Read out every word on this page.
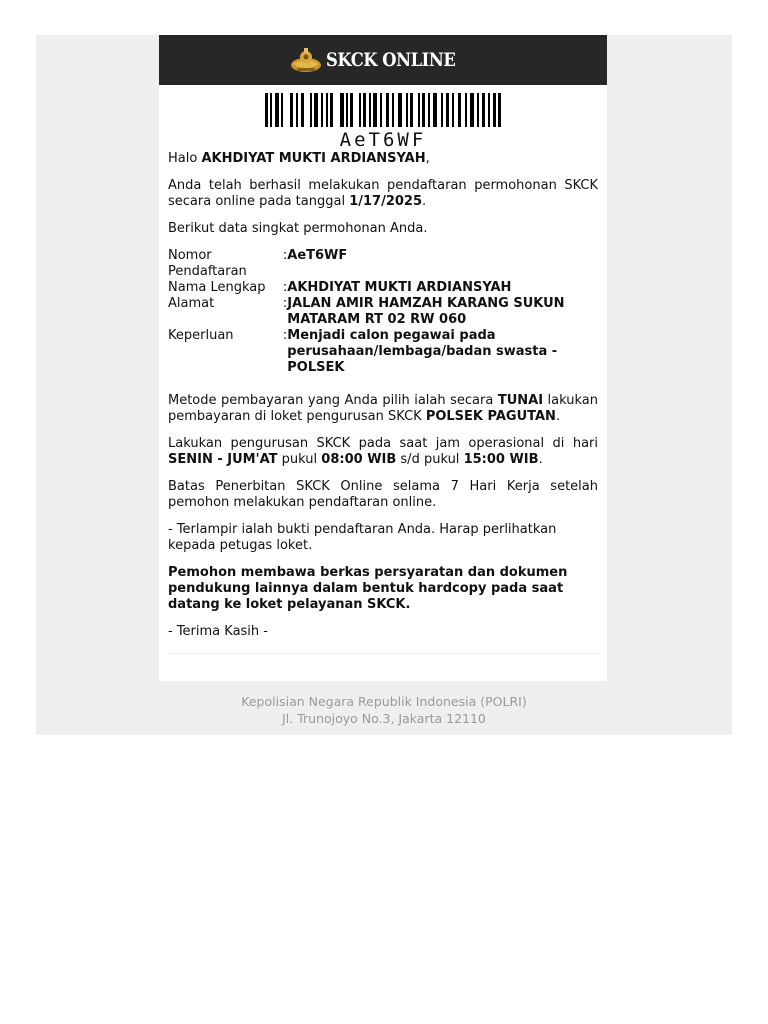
SKCK ONLINE
AeT6WF

Halo AKHDIYAT MUKTI ARDIANSYAH,

Anda telah berhasil melakukan pendaftaran permohonan SKCK secara online pada tanggal 1/17/2025.

Berikut data singkat permohonan Anda.

Nomor Pendaftaran	:	AeT6WF
Nama Lengkap	:	AKHDIYAT MUKTI ARDIANSYAH
Alamat	:	JALAN AMIR HAMZAH KARANG SUKUN MATARAM RT 02 RW 060
Keperluan	:	Menjadi calon pegawai pada perusahaan/lembaga/badan swasta - POLSEK

Metode pembayaran yang Anda pilih ialah secara TUNAI lakukan pembayaran di loket pengurusan SKCK POLSEK PAGUTAN.

Lakukan pengurusan SKCK pada saat jam operasional di hari SENIN - JUM'AT pukul 08:00 WIB s/d pukul 15:00 WIB.

Batas Penerbitan SKCK Online selama 7 Hari Kerja setelah pemohon melakukan pendaftaran online.

- Terlampir ialah bukti pendaftaran Anda. Harap perlihatkan kepada petugas loket.

Pemohon membawa berkas persyaratan dan dokumen pendukung lainnya dalam bentuk hardcopy pada saat datang ke loket pelayanan SKCK.

- Terima Kasih -

Kepolisian Negara Republik Indonesia (POLRI)
Jl. Trunojoyo No.3, Jakarta 12110
